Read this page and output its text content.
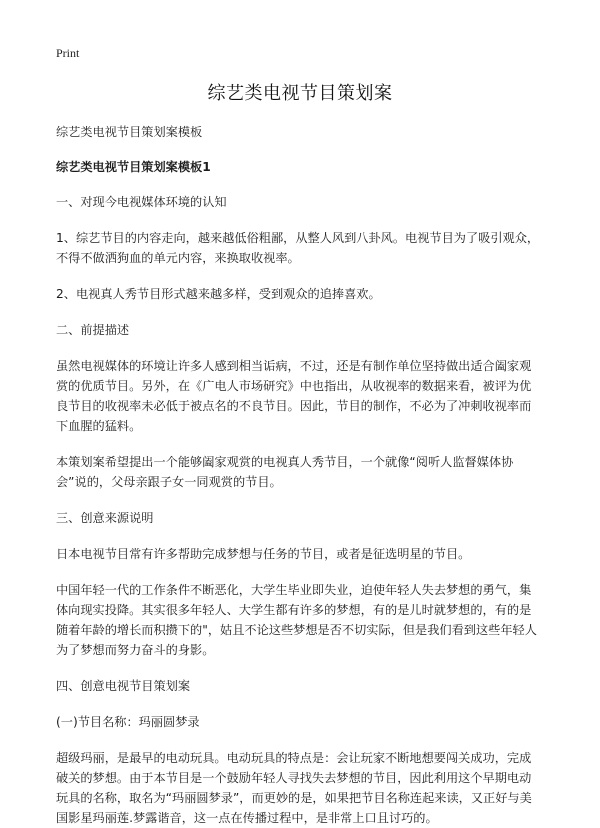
Print
综艺类电视节目策划案

综艺类电视节目策划案模板

综艺类电视节目策划案模板1

一、对现今电视媒体环境的认知

1、综艺节目的内容走向，越来越低俗粗鄙，从整人风到八卦风。电视节目为了吸引观众，不得不做洒狗血的单元内容，来换取收视率。

2、电视真人秀节目形式越来越多样，受到观众的追捧喜欢。

二、前提描述

虽然电视媒体的环境让许多人感到相当诟病，不过，还是有制作单位坚持做出适合阖家观赏的优质节目。另外，在《广电人市场研究》中也指出，从收视率的数据来看，被评为优良节目的收视率未必低于被点名的不良节目。因此，节目的制作，不必为了冲刺收视率而下血腥的猛料。

本策划案希望提出一个能够阖家观赏的电视真人秀节目，一个就像“阅听人监督媒体协会”说的，父母亲跟子女一同观赏的节目。

三、创意来源说明

日本电视节目常有许多帮助完成梦想与任务的节目，或者是征选明星的节目。

中国年轻一代的工作条件不断恶化，大学生毕业即失业，迫使年轻人失去梦想的勇气，集体向现实投降。其实很多年轻人、大学生都有许多的梦想，有的是儿时就梦想的，有的是随着年龄的增长而积攒下的"，姑且不论这些梦想是否不切实际，但是我们看到这些年轻人为了梦想而努力奋斗的身影。

四、创意电视节目策划案

(一)节目名称：玛丽圆梦录

超级玛丽，是最早的电动玩具。电动玩具的特点是：会让玩家不断地想要闯关成功，完成破关的梦想。由于本节目是一个鼓励年轻人寻找失去梦想的节目，因此利用这个早期电动玩具的名称，取名为“玛丽圆梦录”，而更妙的是，如果把节目名称连起来读，又正好与美国影星玛丽莲.梦露谐音，这一点在传播过程中，是非常上口且讨巧的。
